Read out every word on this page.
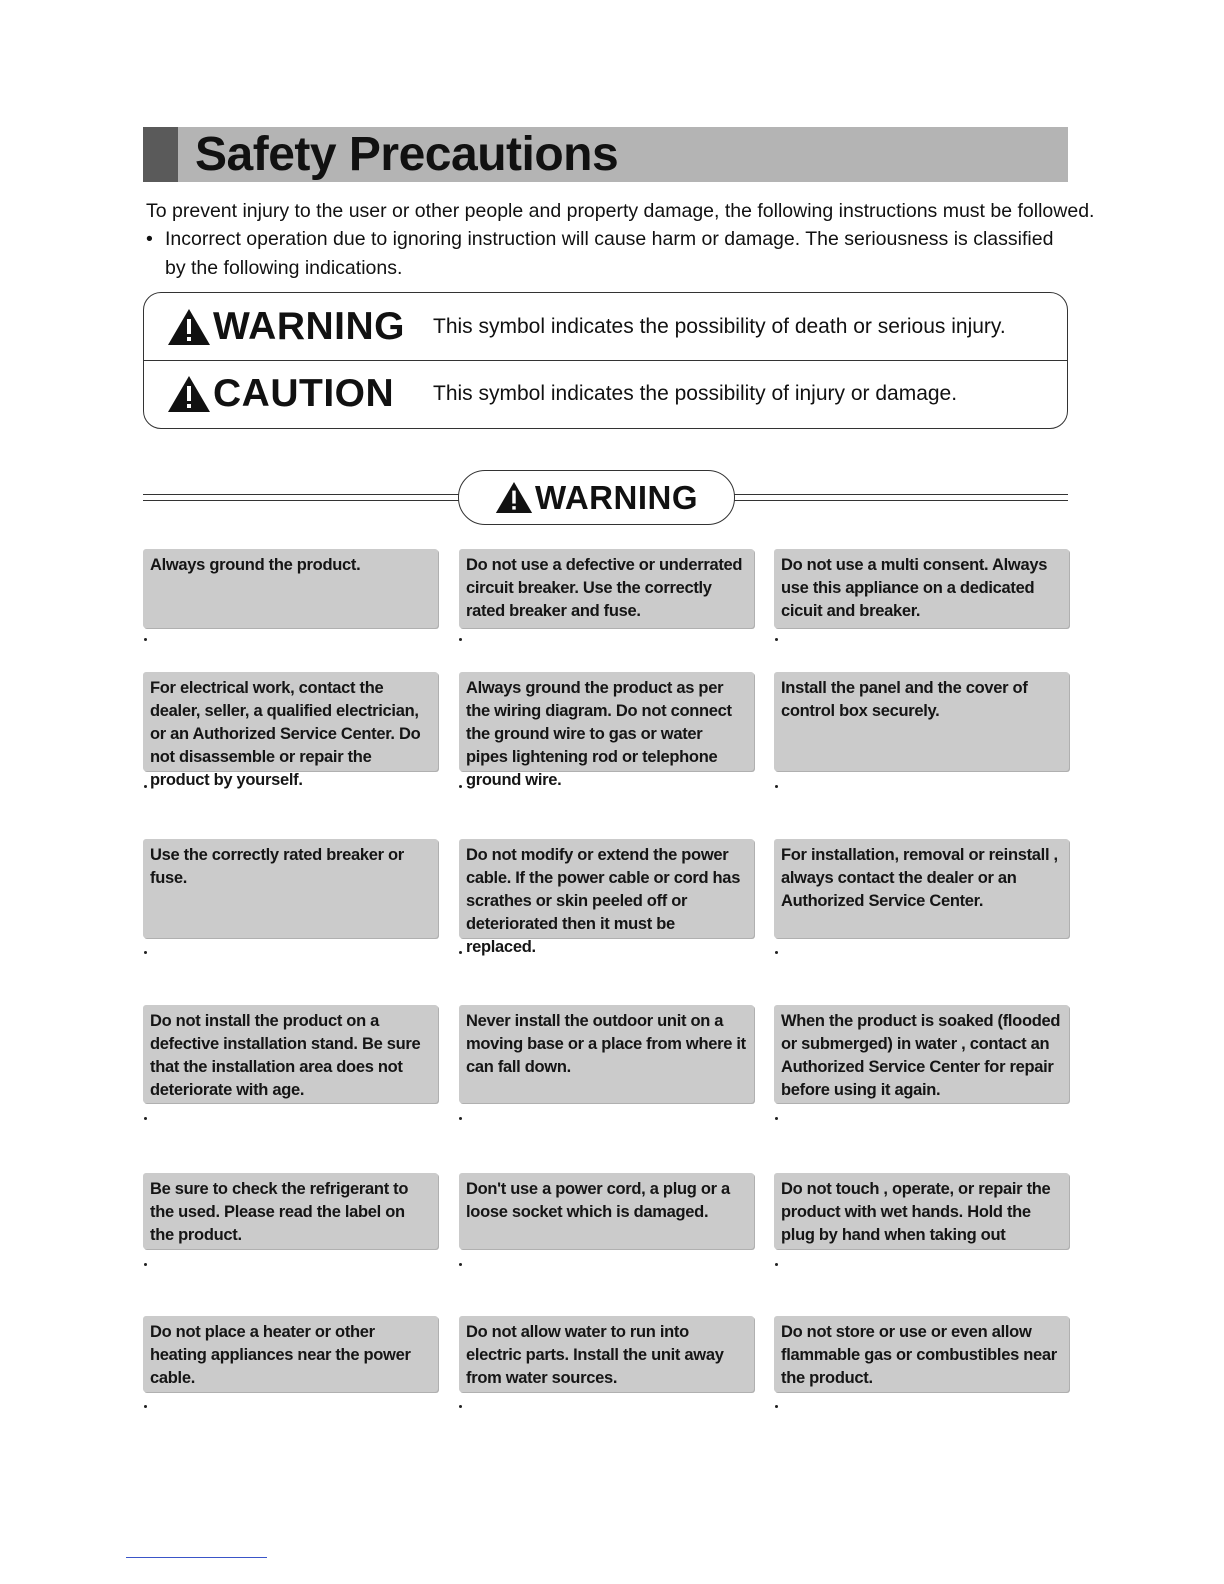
Safety Precautions
To prevent injury to the user or other people and property damage, the following instructions must be followed.
• Incorrect operation due to ignoring instruction will cause harm or damage. The seriousness is classified by the following indications.
WARNING This symbol indicates the possibility of death or serious injury.
CAUTION This symbol indicates the possibility of injury or damage.
WARNING
Always ground the product.	Do not use a defective or underrated circuit breaker. Use the correctly rated breaker and fuse.
Do not use a multi consent. Always use this appliance on a dedicated cicuit and breaker.
For electrical work, contact the dealer, seller, a qualified electrician, or an Authorized Service Center. Do not disassemble or repair the product by yourself.
Always ground the product as per the wiring diagram. Do not connect the ground wire to gas or water pipes lightening rod or telephone ground wire.
Install the panel and the cover of control box securely.
Use the correctly rated breaker or fuse.
Do not modify or extend the power cable. If the power cable or cord has scrathes or skin peeled off or deteriorated then it must be replaced.
For installation, removal or reinstall , always contact the dealer or an Authorized Service Center.
Do not install the product on a defective installation stand. Be sure that the installation area does not deteriorate with age.
Never install the outdoor unit on a moving base or a place from where it can fall down.
When the product is soaked (flooded or submerged) in water , contact an Authorized Service Center for repair before using it again.
Be sure to check the refrigerant to the used. Please read the label on the product.
Don't use a power cord, a plug or a loose socket which is damaged.
Do not touch , operate, or repair the product with wet hands. Hold the plug by hand when taking out
Do not place a heater or other heating appliances near the power cable.
Do not allow water to run into electric parts. Install the unit away from water sources.
Do not store or use or even allow flammable gas or combustibles near the product.
